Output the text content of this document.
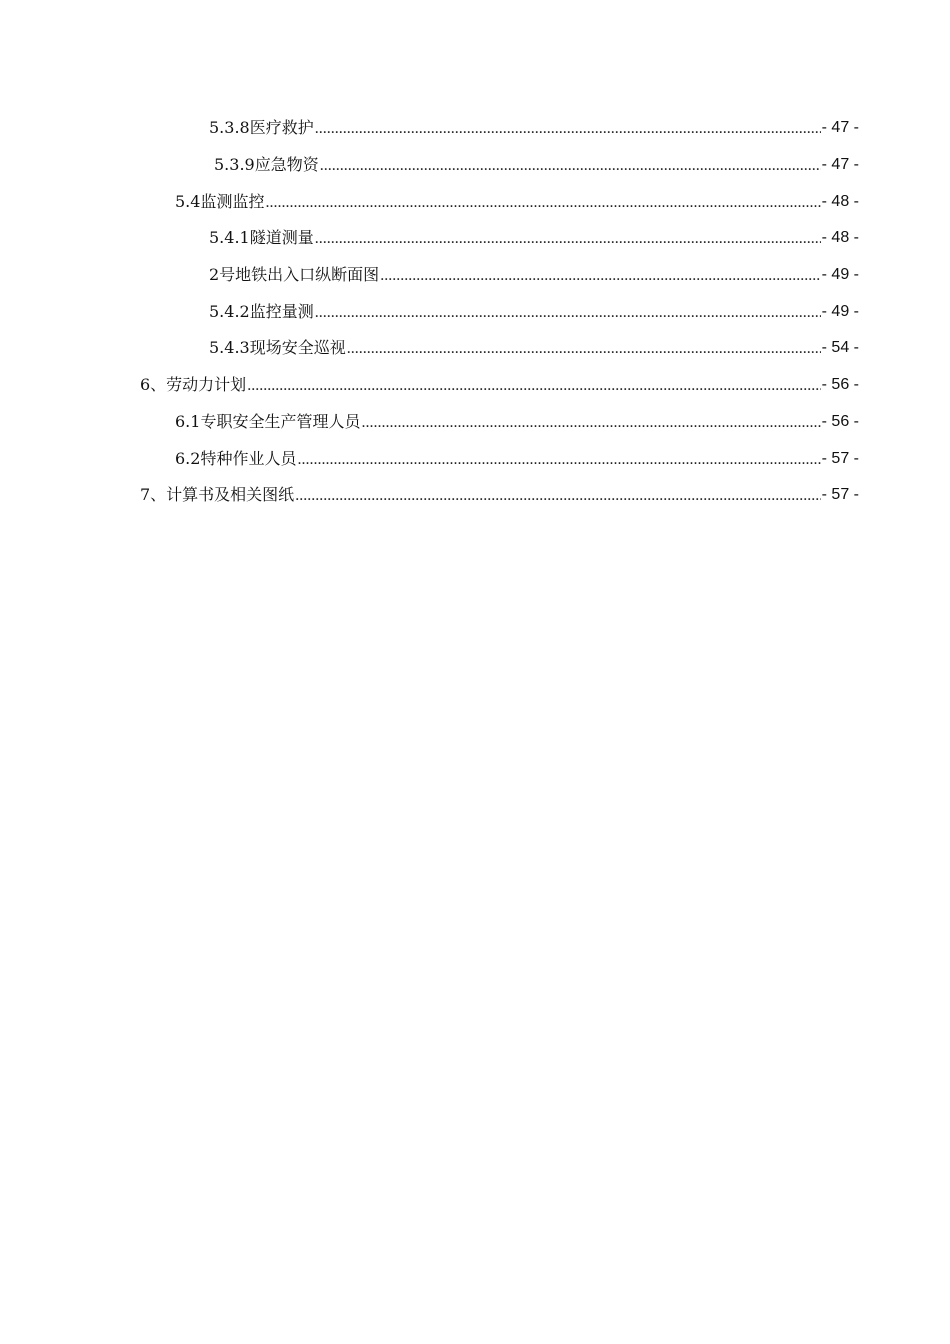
5.3.8医疗救护 .....	- 47 -
5.3.9应急物资 .....	- 47 -
5.4监测监控 .....	- 48 -
5.4.1隧道测量 .....	- 48 -
2号地铁出入口纵断面图 .....	- 49 -
5.4.2监控量测 .....	- 49 -
5.4.3现场安全巡视 .....	- 54 -
6、劳动力计划 .....	- 56 -
6.1专职安全生产管理人员 .....	- 56 -
6.2特种作业人员 .....	- 57 -
7、计算书及相关图纸 .....	- 57 -
